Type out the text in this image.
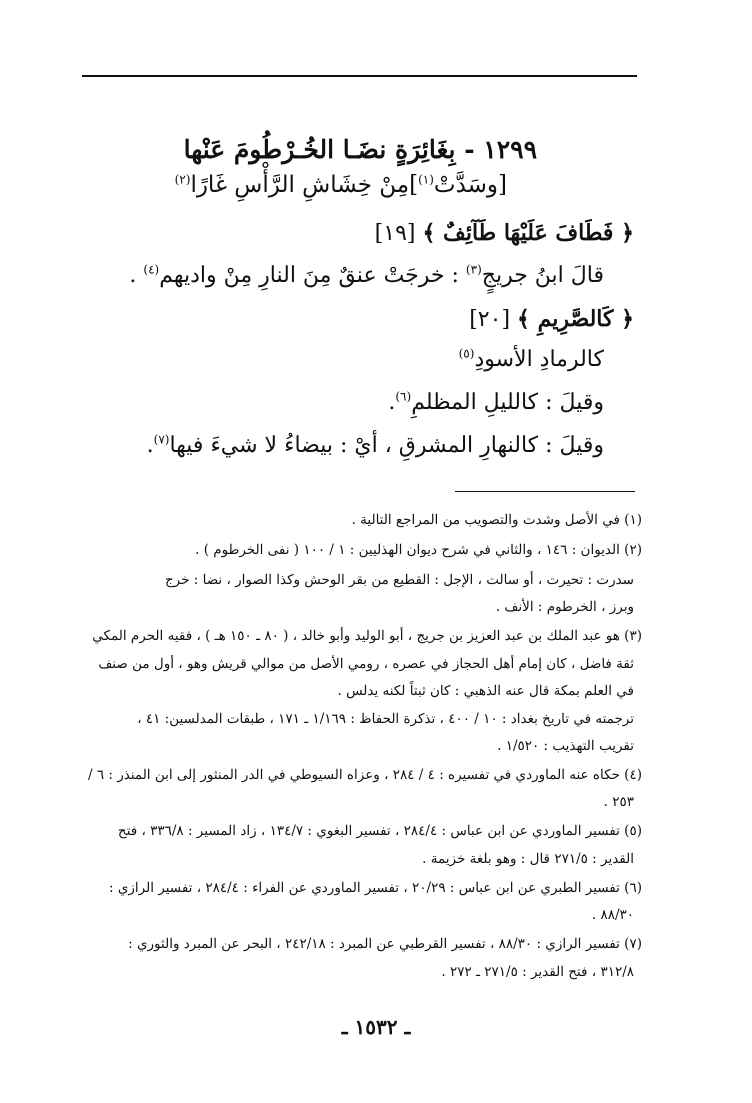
١٢٩٩ - بِغَائِرَةٍ نضَـا الخُـرْطُومَ عَنْها
[وسَدَّتْ$^{(١)}$]مِنْ خِشَاشِ الرَّأْسِ غَارًا$^{(٢)}$
﴿ فَطَافَ عَلَيْهَا طَآئِفٌ ﴾ [١٩]
قالَ ابنُ جريجٍ$^{(٣)}$ : خرجَتْ عنقٌ مِنَ النارِ مِنْ واديهم$^{(٤)}$ .
﴿ كَالصَّرِيمِ ﴾ [٢٠]
كالرمادِ الأسودِ$^{(٥)}$
وقيلَ : كالليلِ المظلمِ$^{(٦)}$.
وقيلَ : كالنهارِ المشرقِ ، أيْ : بيضاءُ لا شيءَ فيها$^{(٧)}$.
(١) في الأصل وشدت والتصويب من المراجع التالية .
(٢) الديوان : ١٤٦ ، والثاني في شرح ديوان الهذليين : ١ / ١٠٠ ( نفى الخرطوم ) .
سدرت : تحيرت ، أو سالت ، الإجل : القطيع من بقر الوحش وكذا الصوار ، نضا : خرج
وبرز ، الخرطوم : الأنف .
(٣) هو عبد الملك بن عبد العزيز بن جريج ، أبو الوليد وأبو خالد ، ( ٨٠ ـ ١٥٠ هـ ) ، فقيه الحرم المكي
ثقة فاضل ، كان إمام أهل الحجاز في عصره ، رومي الأصل من موالي قريش وهو ، أول من صنف
في العلم بمكة قال عنه الذهبي : كان ثبتاً لكنه يدلس .
ترجمته في تاريخ بغداد : ١٠ / ٤٠٠ ، تذكرة الحفاظ : ١/١٦٩ ـ ١٧١ ، طبقات المدلسين: ٤١ ،
تقريب التهذيب : ١/٥٢٠ .
(٤) حكاه عنه الماوردي في تفسيره : ٤ / ٢٨٤ ، وعزاه السيوطي في الدر المنثور إلى ابن المنذر : ٦ /
٢٥٣ .
(٥) تفسير الماوردي عن ابن عباس : ٢٨٤/٤ ، تفسير البغوي : ١٣٤/٧ ، زاد المسير : ٣٣٦/٨ ، فتح
القدير : ٢٧١/٥ قال : وهو بلغة خزيمة .
(٦) تفسير الطبري عن ابن عباس : ٢٠/٢٩ ، تفسير الماوردي عن الفراء : ٢٨٤/٤ ، تفسير الرازي :
٨٨/٣٠ .
(٧) تفسير الرازي : ٨٨/٣٠ ، تفسير القرطبي عن المبرد : ٢٤٢/١٨ ، البحر عن المبرد والثوري :
٣١٢/٨ ، فتح القدير : ٢٧١/٥ ـ ٢٧٢ .
ـ ١٥٣٢ ـ
